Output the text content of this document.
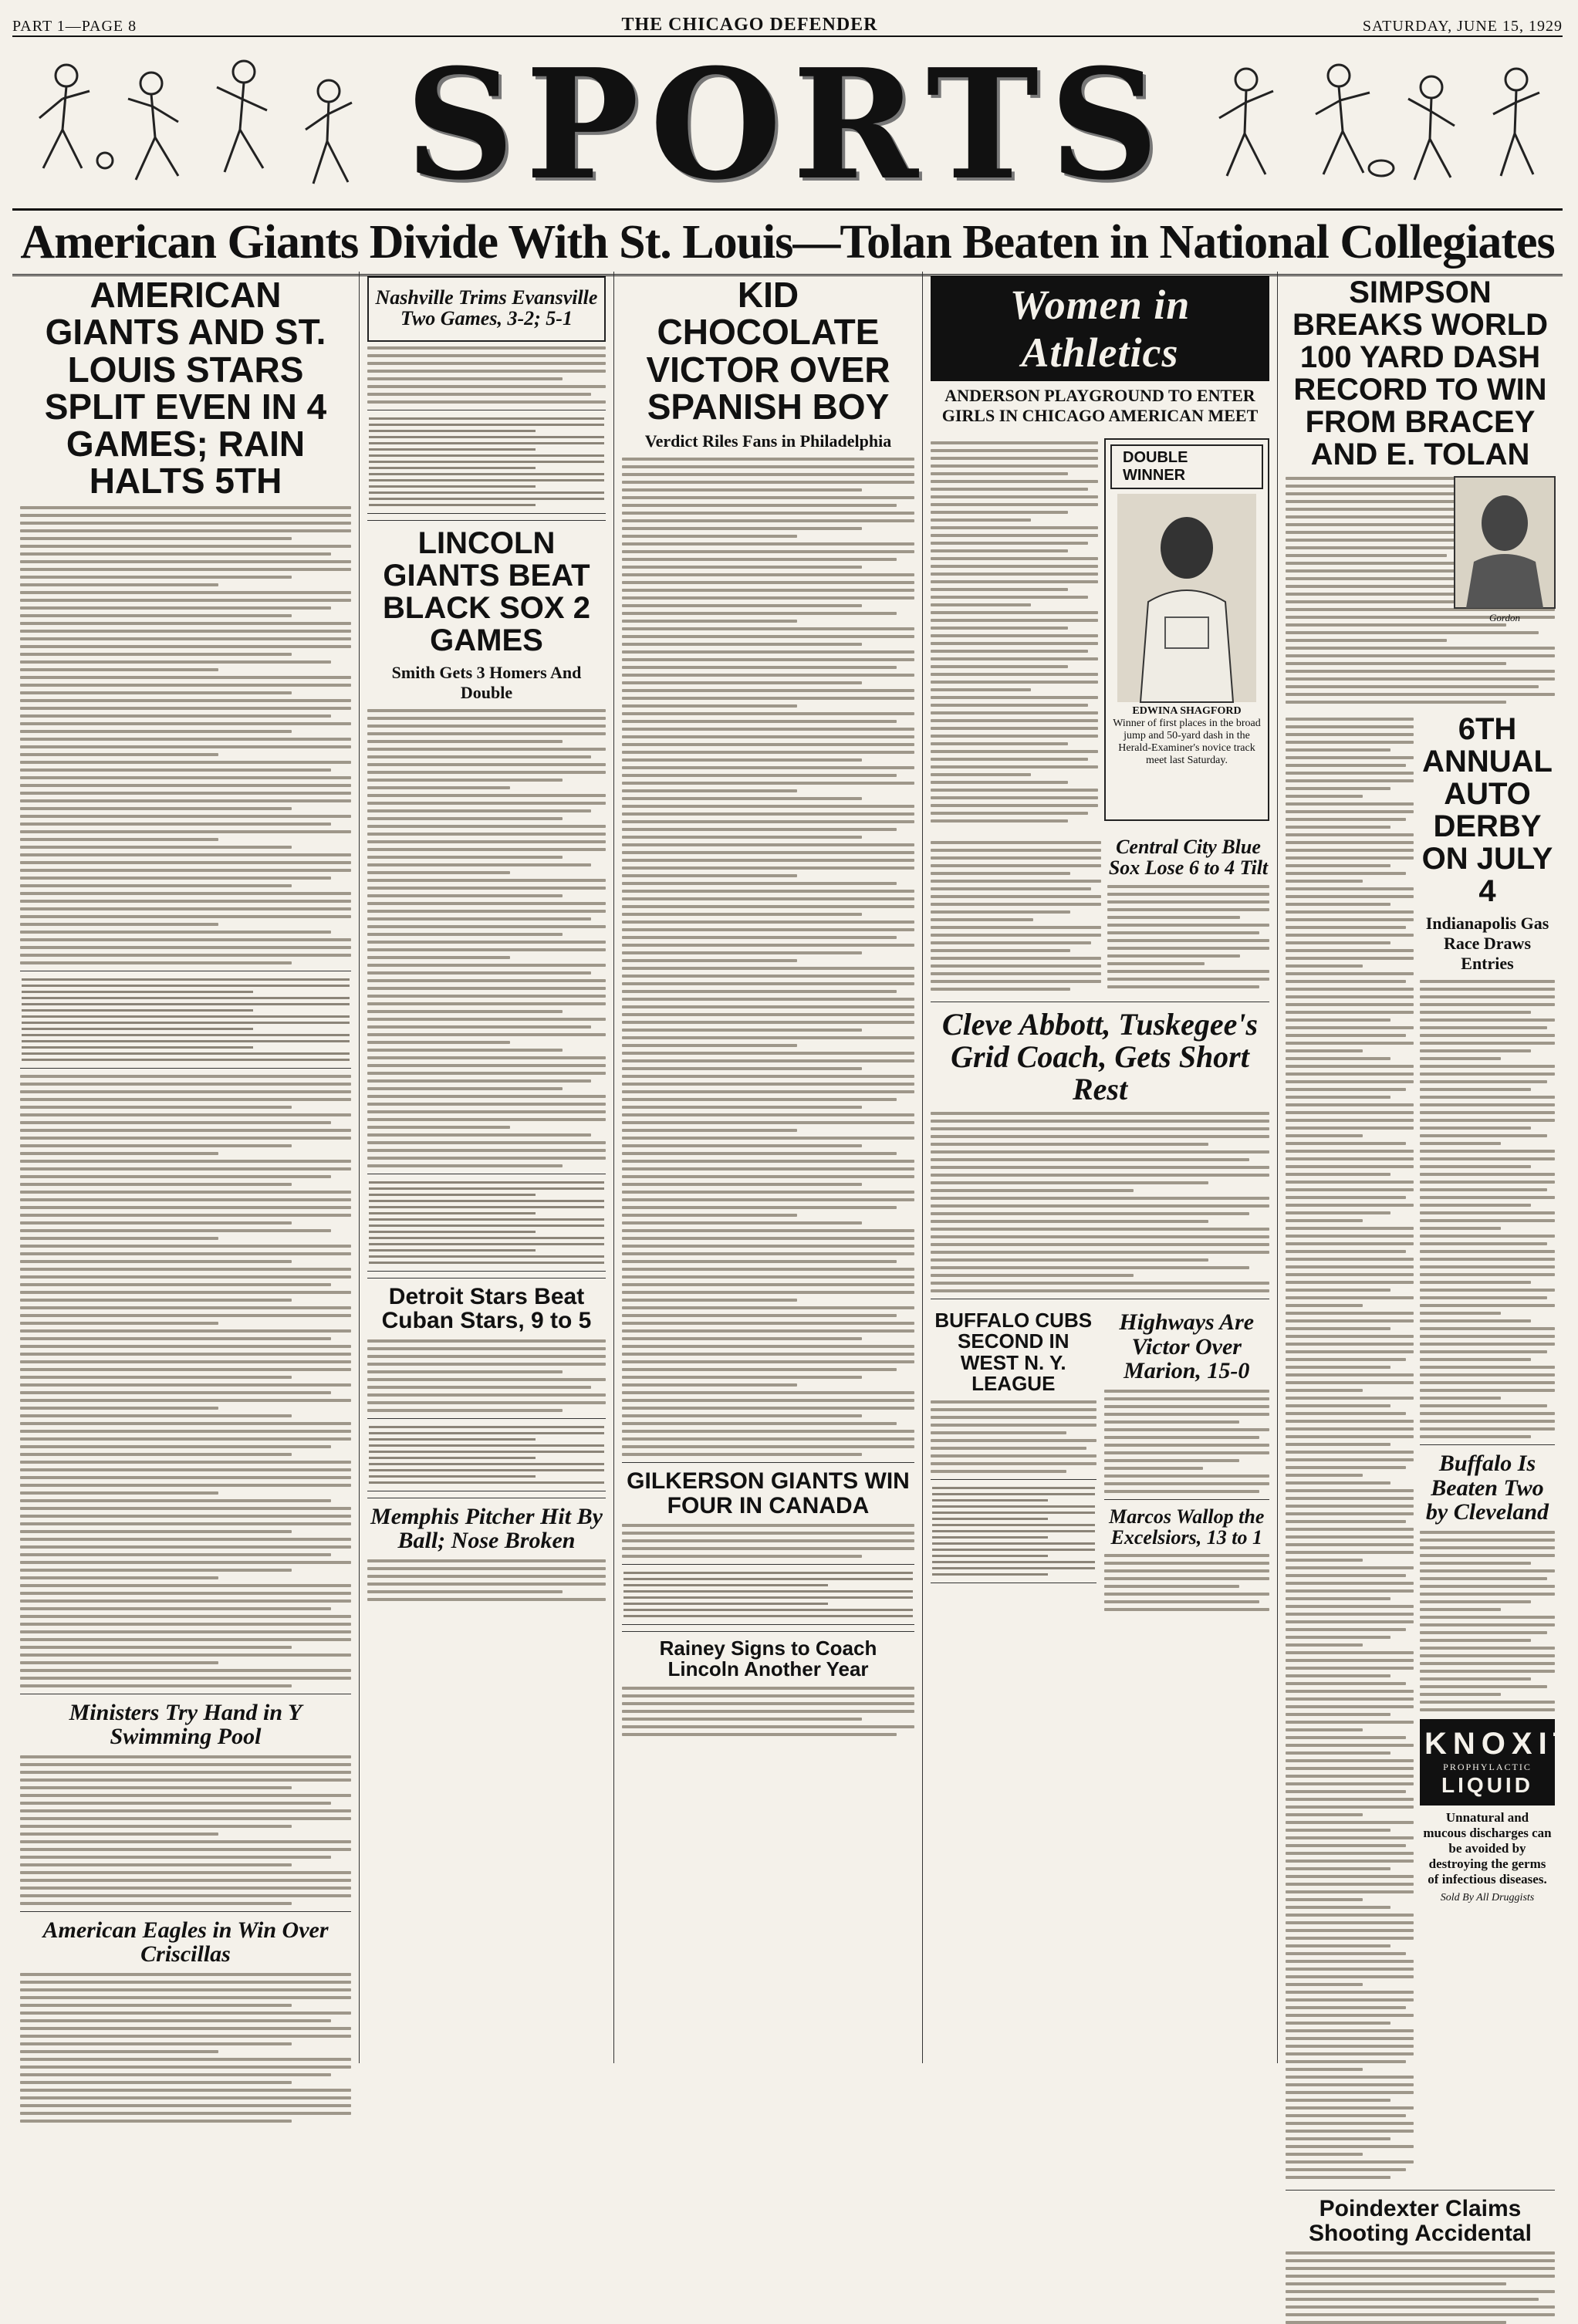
PART 1—PAGE 8	THE CHICAGO DEFENDER	SATURDAY, JUNE 15, 1929
SPORTS
American Giants Divide With St. Louis—Tolan Beaten in National Collegiates
AMERICAN GIANTS AND ST. LOUIS STARS SPLIT EVEN IN 4 GAMES; RAIN HALTS 5TH
Ministers Try Hand in Y Swimming Pool
American Eagles in Win Over Criscillas
Nashville Trims Evansville Two Games, 3-2; 5-1
LINCOLN GIANTS BEAT BLACK SOX 2 GAMES
Smith Gets 3 Homers And Double
Detroit Stars Beat Cuban Stars, 9 to 5
Memphis Pitcher Hit By Ball; Nose Broken
KID CHOCOLATE VICTOR OVER SPANISH BOY
Verdict Riles Fans in Philadelphia
GILKERSON GIANTS WIN FOUR IN CANADA
Rainey Signs to Coach Lincoln Another Year
Women in Athletics
ANDERSON PLAYGROUND TO ENTER GIRLS IN CHICAGO AMERICAN MEET
DOUBLE WINNER
EDWINA SHAGFORD
Winner of first places in the broad jump and 50-yard dash in the Herald-Examiner's novice track meet last Saturday.
Central City Blue Sox Lose 6 to 4 Tilt
Cleve Abbott, Tuskegee's Grid Coach, Gets Short Rest
BUFFALO CUBS SECOND IN WEST N. Y. LEAGUE
Highways Are Victor Over Marion, 15-0
Marcos Wallop the Excelsiors, 13 to 1
SIMPSON BREAKS WORLD 100 YARD DASH RECORD TO WIN FROM BRACEY AND E. TOLAN
Gordon
6TH ANNUAL AUTO DERBY ON JULY 4
Indianapolis Gas Race Draws Entries
Buffalo Is Beaten Two by Cleveland
KNOXIT
PROPHYLACTIC
LIQUID
Unnatural and mucous discharges can be avoided by destroying the germs of infectious diseases.
Sold By All Druggists
Poindexter Claims Shooting Accidental
